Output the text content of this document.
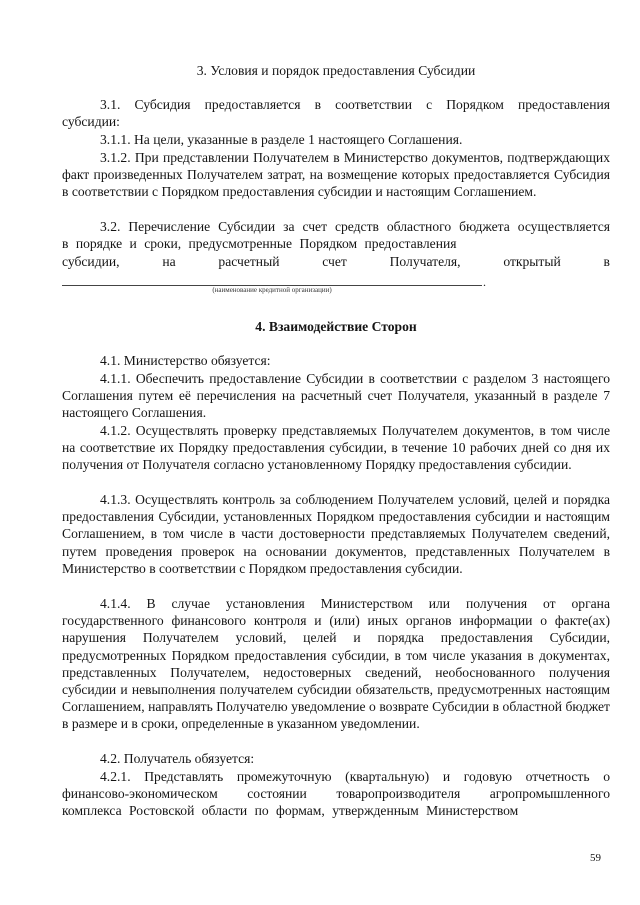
3. Условия и порядок предоставления Субсидии
3.1. Субсидия предоставляется в соответствии с Порядком предоставления субсидии:
3.1.1. На цели, указанные в разделе 1 настоящего Соглашения.
3.1.2. При представлении Получателем в Министерство документов, подтверждающих факт произведенных Получателем затрат, на возмещение которых предоставляется Субсидия в соответствии с Порядком предоставления субсидии и настоящим Соглашением.
3.2. Перечисление Субсидии за счет средств областного бюджета осуществляется в порядке и сроки, предусмотренные Порядком предоставления
субсидии,	на	расчетный	счет	Получателя,	открытый	в
.
(наименование кредитной организации)
4. Взаимодействие Сторон
4.1. Министерство обязуется:
4.1.1. Обеспечить предоставление Субсидии в соответствии с разделом 3 настоящего Соглашения путем её перечисления на расчетный счет Получателя, указанный в разделе 7 настоящего Соглашения.
4.1.2. Осуществлять проверку представляемых Получателем документов, в том числе на соответствие их Порядку предоставления субсидии, в течение 10 рабочих дней со дня их получения от Получателя согласно установленному Порядку предоставления субсидии.
4.1.3. Осуществлять контроль за соблюдением Получателем условий, целей и порядка предоставления Субсидии, установленных Порядком предоставления субсидии и настоящим Соглашением, в том числе в части достоверности представляемых Получателем сведений, путем проведения проверок на основании документов, представленных Получателем в Министерство в соответствии с Порядком предоставления субсидии.
4.1.4. В случае установления Министерством или получения от органа государственного финансового контроля и (или) иных органов информации о факте(ах) нарушения Получателем условий, целей и порядка предоставления Субсидии, предусмотренных Порядком предоставления субсидии, в том числе указания в документах, представленных Получателем, недостоверных сведений, необоснованного получения субсидии и невыполнения получателем субсидии обязательств, предусмотренных настоящим Соглашением, направлять Получателю уведомление о возврате Субсидии в областной бюджет в размере и в сроки, определенные в указанном уведомлении.
4.2. Получатель обязуется:
4.2.1. Представлять промежуточную (квартальную) и годовую отчетность о финансово-экономическом состоянии товаропроизводителя агропромышленного комплекса Ростовской области по формам, утвержденным Министерством
59
